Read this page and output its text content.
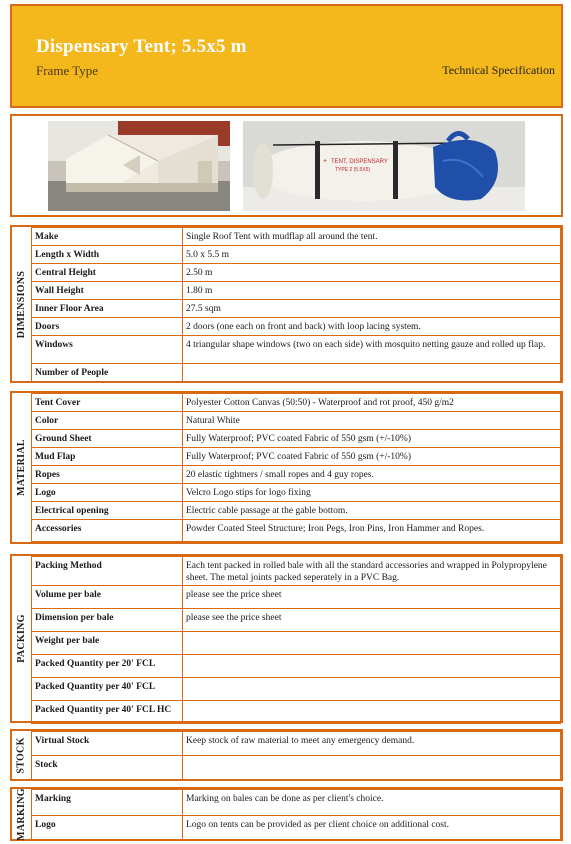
Dispensary Tent; 5.5x5 m
Frame Type	Technical Specification
TENT, DISPENSARY
TYPE 2 (5.5X5)
+
DIMENSIONS
Make	Single Roof Tent with mudflap all around the tent.
Length x Width	5.0 x 5.5 m
Central Height	2.50 m
Wall Height	1.80 m
Inner Floor Area	27.5 sqm
Doors	2 doors (one each on front and back) with loop lacing system.
Windows	4 triangular shape windows (two on each side) with mosquito netting gauze and rolled up flap.
Number of People	
MATERIAL
Tent Cover	Polyester Cotton Canvas (50:50) - Waterproof and rot proof, 450 g/m2
Color	Natural White
Ground Sheet	Fully Waterproof; PVC coated Fabric of 550 gsm (+/-10%)
Mud Flap	Fully Waterproof; PVC coated Fabric of 550 gsm (+/-10%)
Ropes	20 elastic tightners / small ropes and 4 guy ropes.
Logo	Velcro Logo stips for logo fixing
Electrical opening	Electric cable passage at the gable bottom.
Accessories	Powder Coated Steel Structure; Iron Pegs, Iron Pins, Iron Hammer and Ropes.
PACKING
Packing Method	Each tent packed in rolled bale with all the standard accessories and wrapped in Polypropylene sheet. The metal joints packed seperately in a PVC Bag.
Volume per bale	please see the price sheet
Dimension per bale	please see the price sheet
Weight per bale	
Packed Quantity per 20' FCL	
Packed Quantity per 40' FCL	
Packed Quantity per 40' FCL HC	
STOCK Virtual Stock	Keep stock of raw material to meet any emergency demand.
Stock	
MARKING Marking	Marking on bales can be done as per client's choice.
Logo	Logo on tents can be provided as per client choice on additional cost.
